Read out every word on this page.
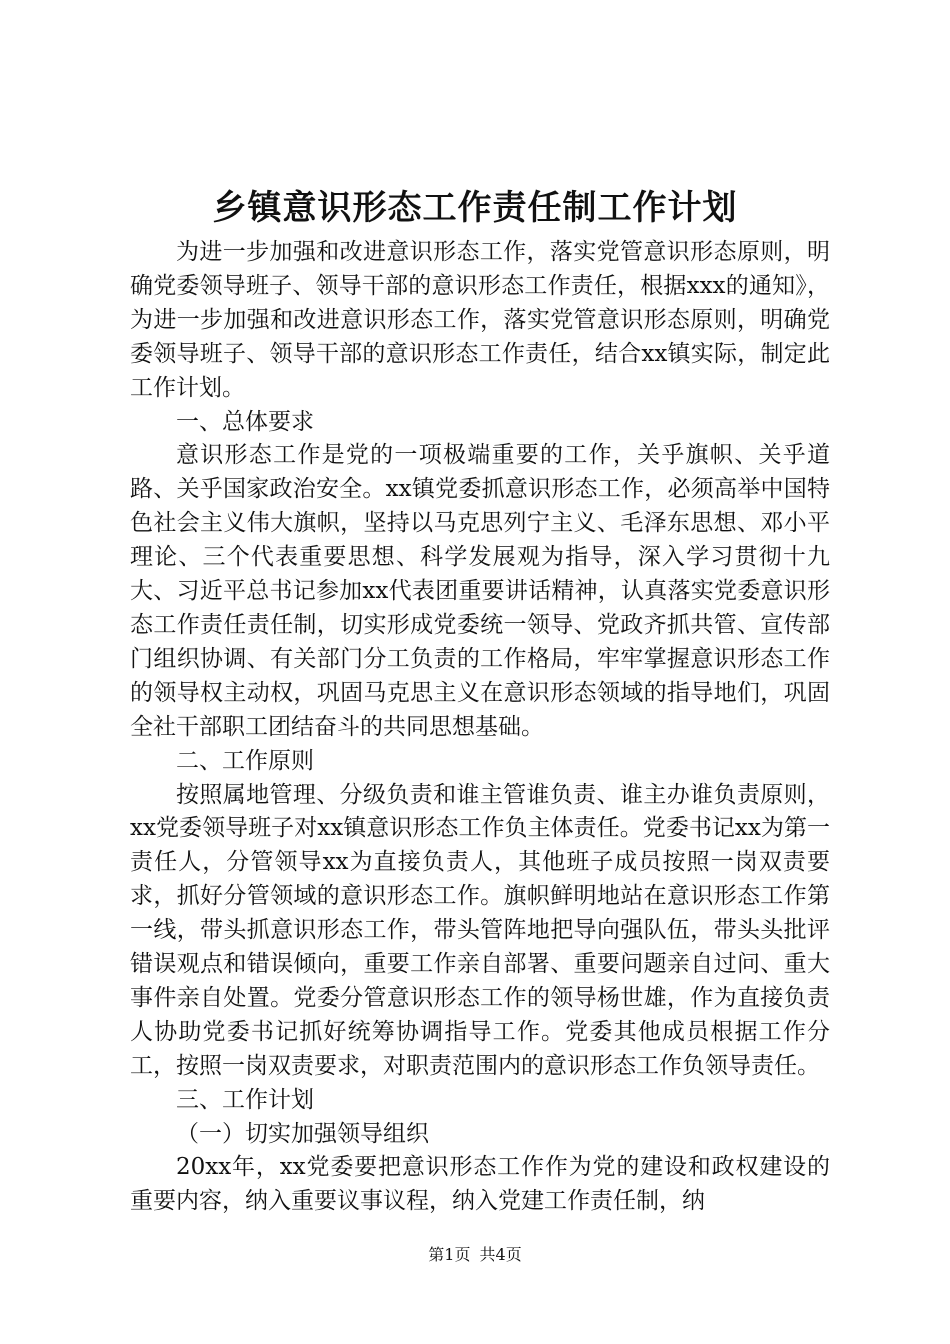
乡镇意识形态工作责任制工作计划

为进一步加强和改进意识形态工作，落实党管意识形态原则，明确党委领导班子、领导干部的意识形态工作责任，根据xxx的通知》，为进一步加强和改进意识形态工作，落实党管意识形态原则，明确党委领导班子、领导干部的意识形态工作责任，结合xx镇实际，制定此工作计划。

一、总体要求

意识形态工作是党的一项极端重要的工作，关乎旗帜、关乎道路、关乎国家政治安全。xx镇党委抓意识形态工作，必须高举中国特色社会主义伟大旗帜，坚持以马克思列宁主义、毛泽东思想、邓小平理论、三个代表重要思想、科学发展观为指导，深入学习贯彻十九大、习近平总书记参加xx代表团重要讲话精神，认真落实党委意识形态工作责任责任制，切实形成党委统一领导、党政齐抓共管、宣传部门组织协调、有关部门分工负责的工作格局，牢牢掌握意识形态工作的领导权主动权，巩固马克思主义在意识形态领域的指导地们，巩固全社干部职工团结奋斗的共同思想基础。

二、工作原则

按照属地管理、分级负责和谁主管谁负责、谁主办谁负责原则，xx党委领导班子对xx镇意识形态工作负主体责任。党委书记xx为第一责任人，分管领导xx为直接负责人，其他班子成员按照一岗双责要求，抓好分管领域的意识形态工作。旗帜鲜明地站在意识形态工作第一线，带头抓意识形态工作，带头管阵地把导向强队伍，带头头批评错误观点和错误倾向，重要工作亲自部署、重要问题亲自过问、重大事件亲自处置。党委分管意识形态工作的领导杨世雄，作为直接负责人协助党委书记抓好统筹协调指导工作。党委其他成员根据工作分工，按照一岗双责要求，对职责范围内的意识形态工作负领导责任。

三、工作计划

（一）切实加强领导组织

20xx年，xx党委要把意识形态工作作为党的建设和政权建设的重要内容，纳入重要议事议程，纳入党建工作责任制，纳

第1页 共4页
